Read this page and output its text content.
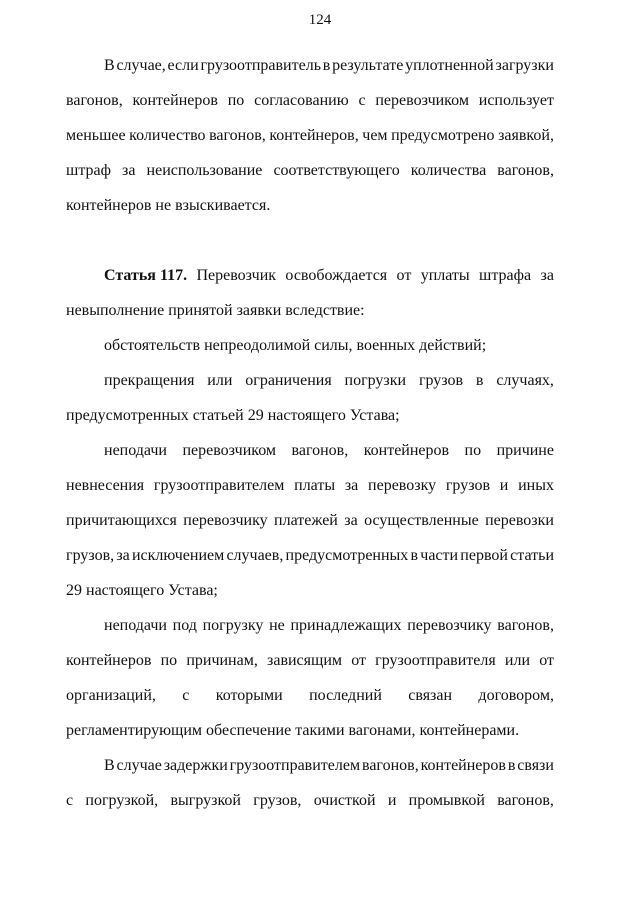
124
В случае, если грузоотправитель в результате уплотненной загрузки
вагонов, контейнеров по согласованию с перевозчиком использует
меньшее количество вагонов, контейнеров, чем предусмотрено заявкой,
штраф за неиспользование соответствующего количества вагонов,
контейнеров не взыскивается.
Статья 117. Перевозчик освобождается от уплаты штрафа за
невыполнение принятой заявки вследствие:
обстоятельств непреодолимой силы, военных действий;
прекращения или ограничения погрузки грузов в случаях,
предусмотренных статьей 29 настоящего Устава;
неподачи перевозчиком вагонов, контейнеров по причине
невнесения грузоотправителем платы за перевозку грузов и иных
причитающихся перевозчику платежей за осуществленные перевозки
грузов, за исключением случаев, предусмотренных в части первой статьи
29 настоящего Устава;
неподачи под погрузку не принадлежащих перевозчику вагонов,
контейнеров по причинам, зависящим от грузоотправителя или от
организаций, с которыми последний связан договором,
регламентирующим обеспечение такими вагонами, контейнерами.
В случае задержки грузоотправителем вагонов, контейнеров в связи
с погрузкой, выгрузкой грузов, очисткой и промывкой вагонов,
